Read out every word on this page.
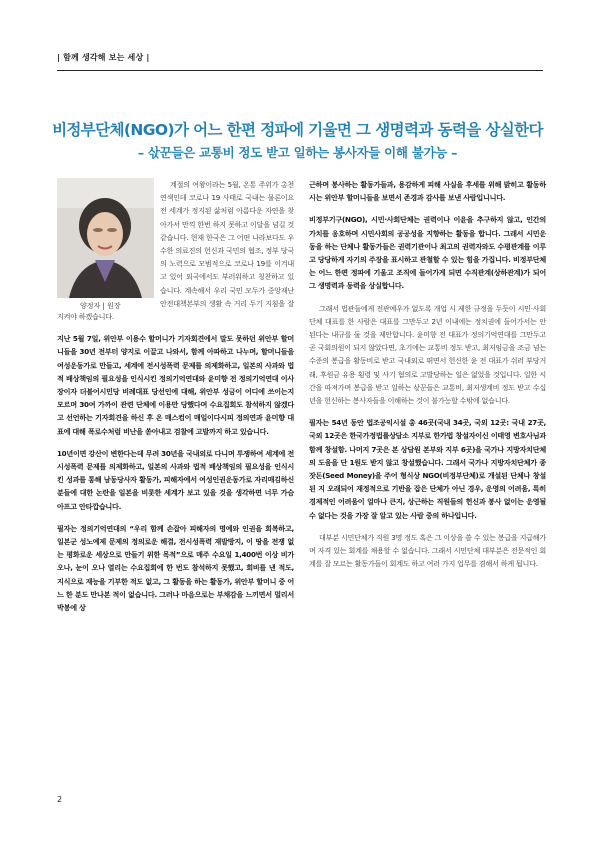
| 함께 생각해 보는 세상 |
비정부단체(NGO)가 어느 한편 정파에 기울면 그 생명력과 동력을 상실한다
– 삯꾼들은 교통비 정도 받고 일하는 봉사자들 이해 불가능 –
양정자 | 원장

계절의 여왕이라는 5월, 온통 주위가 총천연색인데 코로나 19 사태로 국내는 물론이요 전 세계가 정지된 삶처럼 아름다운 자연을 찾아가서 만끽 한번 하지 못하고 이달을 넘길 것 같습니다. 현재 한국은 그 어떤 나라보다도 우수한 의료진의 헌신과 국민의 협조, 정부 당국의 노력으로 모범적으로 코로나 19를 이겨내고 있어 외국에서도 부러워하고 칭찬하고 있습니다. 계속해서 우리 국민 모두가 중앙재난안전대책본부의 생활 속 거리 두기 지침을 잘 지켜야 하겠습니다.

지난 5월 7일, 위안부 이용수 할머니가 기자회견에서 말도 못하던 위안부 할머니들을 30년 전부터 양지로 이끌고 나와서, 함께 아파하고 나누며, 할머니들을 여성운동가로 만들고, 세계에 전시성폭력 문제를 의제화하고, 일본의 사과와 법적 배상책임의 필요성을 인식시킨 정의기억연대와 윤미향 전 정의기억연대 이사장이자 더불어시민당 비례대표 당선인에 대해, 위안부 성금이 어디에 쓰이는지 모르며 30여 가까이 관련 단체에 이용만 당했다며 수요집회도 참석하지 않겠다고 선언하는 기자회견을 하신 후 온 매스컴이 매일이다시피 정의연과 윤미향 대표에 대해 폭로수처럼 비난을 쏟아내고 검찰에 고발까지 하고 있습니다.

10년이면 강산이 변한다는데 무려 30년을 국내외로 다니며 투쟁하여 세계에 전시성폭력 문제를 의제화하고, 일본의 사과와 법적 배상책임의 필요성을 인식시킨 성과를 통해 남동당사자 활동가, 피해자에서 여성인권운동가로 자리매김하신 분들에 대한 논란을 일본을 비롯한 세계가 보고 있을 것을 생각하면 너무 가슴 아프고 안타깝습니다.

필자는 정의기억연대의 “우리 함께 손잡아 피해자의 명예와 인권을 회복하고, 일본군 성노예제 문제의 정의로운 해결, 전시성폭력 재발방지, 이 땅을 전쟁 없는 평화로운 세상으로 만들기 위한 목적”으로 매주 수요일 1,400번 이상 비가 오나, 눈이 오나 열리는 수요집회에 한 번도 참석하지 못했고, 회비를 낸 적도, 지식으로 재능을 기부한 적도 없고, 그 활동을 하는 활동가, 위안부 할머니 중 어느 한 분도 만나본 적이 없습니다. 그러나 마음으로는 부채감을 느끼면서 멀리서 박봉에 상

근하며 봉사하는 활동가들과, 용감하게 피해 사실을 후세를 위해 밝히고 활동하시는 위안부 할머니들을 보면서 존경과 감사를 보낸 사람입니니다.

비정부기구(NGO), 시민·사회단체는 권력이나 이윤을 추구하지 않고, 인간의 가치를 옹호하며 시민사회의 공공성을 지향하는 활동을 합니다. 그래서 시민운동을 하는 단체나 활동가들은 권력기관이나 최고의 권력자와도 수평관계를 이루고 당당하게 자기의 주장을 표시하고 관철할 수 있는 힘을 가집니다. 비정부단체는 어느 한편 정파에 기울고 조직에 들어가게 되면 수직관계(상하관계)가 되어 그 생명력과 동력을 상실합니다.

그래서 법관들에게 전관예우가 없도록 개업 시 제한 규정을 두듯이 시민·사회단체 대표를 한 사람은 대표를 그만두고 2년 이내에는 정치권에 들어가서는 안 된다는 내규를 둘 것을 제안합니다. 윤미향 전 대표가 정의기억연대를 그만두고 곧 국회의원이 되지 않았다면, 초기에는 교통비 정도 받고, 최저임금을 조금 넘는 수준의 봉급을 활동비로 받고 국내외로 뛰면서 헌신한 윤 전 대표가 쉬러 부당거래, 후원금 유용 횡령 및 사기 혐의로 고발당하는 일은 없었을 것입니다. 일한 시간을 따져가며 봉급을 받고 일하는 삯꾼들은 교통비, 최저생계비 정도 받고 수십 년을 헌신하는 봉사자들을 이해하는 것이 불가능할 수밖에 없습니다.

필자는 54년 동안 법조공익시설 총 46곳(국내 34곳, 국외 12곳: 국내 27곳, 국외 12곳은 한국가정법률상담소 지부로 한가법 창설자이신 이태영 변호사님과 함께 창설함. 나머지 7곳은 본 상담원 본부와 지부 6곳)을 국가나 지방자치단체의 도움을 단 1원도 받지 않고 창설했습니다. 그래서 국가나 지방자치단체가 종잣돈(Seed Money)을 주어 형식상 NGO(비정부단체)로 개설된 단체나 창설된 지 오래되어 재정적으로 기반을 잡은 단체가 아닌 경우, 운영의 어려움, 특히 경제적인 어려움이 얼마나 큰지, 상근하는 직원들의 헌신과 봉사 없이는 운영될 수 없다는 것을 가장 잘 알고 있는 사람 중의 하나입니다.

대부분 시민단체가 직원 3명 정도 혹은 그 이상을 쓸 수 있는 봉급을 지급해가며 자격 있는 회계를 채용할 수 없습니다. 그래서 시민단체 대부분은 전문적인 회계를 잘 모르는 활동가들이 회계도 하고 여러 가지 업무를 겸해서 하게 됩니다.

2
